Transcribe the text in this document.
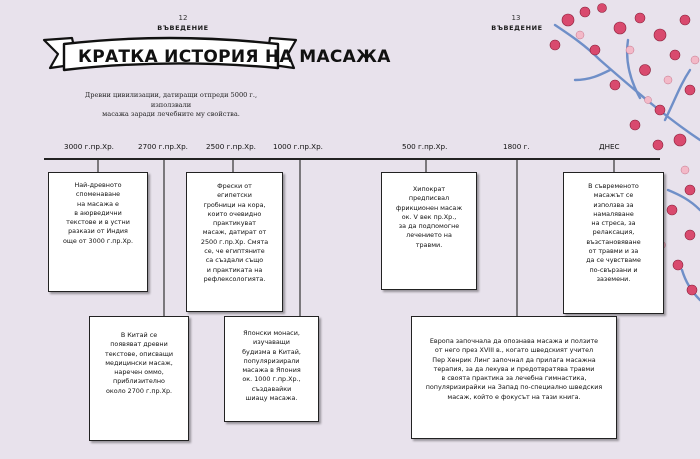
12
ВЪВЕДЕНИЕ
13
ВЪВЕДЕНИЕ
КРАТКА ИСТОРИЯ НА МАСАЖА
Древни цивилизации, датиращи отпреди 5000 г., използвали
масажа заради лечебните му свойства.
3000 г.пр.Хр.	2700 г.пр.Хр.	2500 г.пр.Хр. 1000 г.пр.Хр.	500 г.пр.Хр.	1800 г.	ДНЕС
Най-древното
споменаване
на масажа е
в аюрведични
текстове и в устни
разкази от Индия
още от 3000 г.пр.Хр.
В Китай се
появяват древни
текстове, описващи
медицински масаж,
наречен оммо,
приблизително
около 2700 г.пр.Хр.
Фрески от
египетски
гробници на кора,
които очевидно
практикуват
масаж, датират от
2500 г.пр.Хр. Смята
се, че египтяните
са създали също
и практиката на
рефлексологията.
Японски монаси,
изучаващи
будизма в Китай,
популяризирали
масажа в Япония
ок. 1000 г.пр.Хр.,
създавайки
шиацу масажа.
Хипократ
предписвал
фрикционен масаж
ок. V век пр.Хр.,
за да подпомогне
лечението на
травми.
Европа започнала да опознава масажа и ползите
от него през XVIII в., когато шведският учител
Пер Хенрик Линг започнал да прилага масажна
терапия, за да лекува и предотвратява травми
в своята практика за лечебна гимнастика,
популяризирайки на Запад по-специално шведския
масаж, който е фокусът на тази книга.
В съвременото
масажът се
използва за
намаляване
на стреса, за
релаксация,
възстановяване
от травми и за
да се чувстваме
по-свързани и
заземени.
